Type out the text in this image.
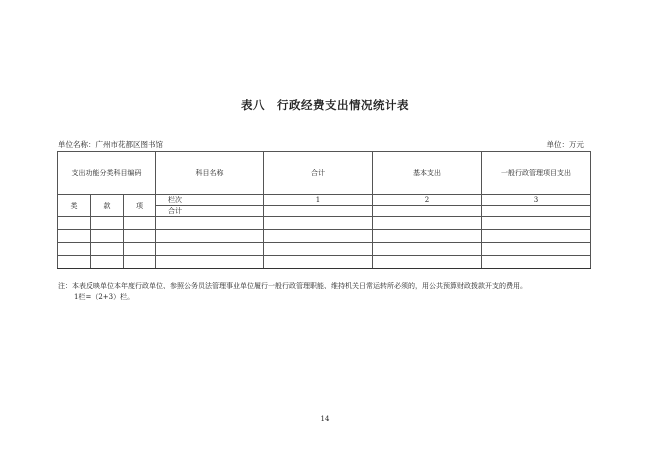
表八　行政经费支出情况统计表
单位名称：广州市花都区图书馆	单位：万元
支出功能分类科目编码			科目名称	合计	基本支出	一般行政管理项目支出
类	款	项	栏次	1	2	3
			合计			

注：本表反映单位本年度行政单位、参照公务员法管理事业单位履行一般行政管理职能、维持机关日常运转所必须的，用公共预算财政拨款开支的费用。
1栏=（2+3）栏。
14
